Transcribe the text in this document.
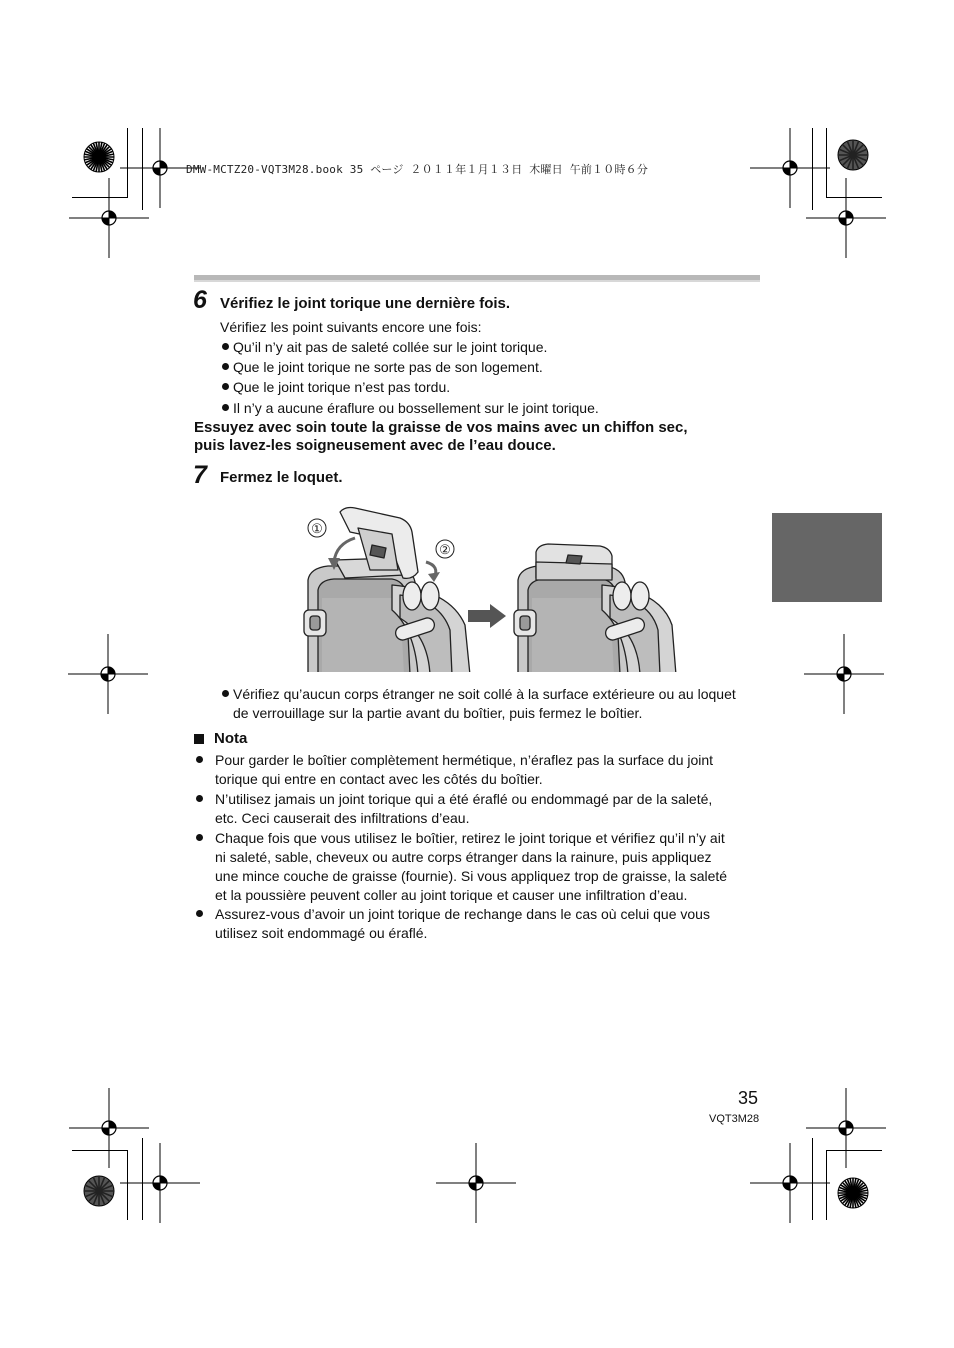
DMW-MCTZ20-VQT3M28.book 35 ページ ２０１１年１月１３日 木曜日 午前１０時６分
6 Vérifiez le joint torique une dernière fois.
Vérifiez les point suivants encore une fois:
Qu’il n’y ait pas de saleté collée sur le joint torique.
Que le joint torique ne sorte pas de son logement.
Que le joint torique n’est pas tordu.
Il n’y a aucune éraflure ou bossellement sur le joint torique.
Essuyez avec soin toute la graisse de vos mains avec un chiffon sec,
puis lavez-les soigneusement avec de l’eau douce.
7 Fermez le loquet.
①
②
Vérifiez qu’aucun corps étranger ne soit collé à la surface extérieure ou au loquet
de verrouillage sur la partie avant du boîtier, puis fermez le boîtier.
Nota
Pour garder le boîtier complètement hermétique, n’éraflez pas la surface du joint
torique qui entre en contact avec les côtés du boîtier.
N’utilisez jamais un joint torique qui a été éraflé ou endommagé par de la saleté,
etc. Ceci causerait des infiltrations d’eau.
Chaque fois que vous utilisez le boîtier, retirez le joint torique et vérifiez qu’il n’y ait
ni saleté, sable, cheveux ou autre corps étranger dans la rainure, puis appliquez
une mince couche de graisse (fournie). Si vous appliquez trop de graisse, la saleté
et la poussière peuvent coller au joint torique et causer une infiltration d’eau.
Assurez-vous d’avoir un joint torique de rechange dans le cas où celui que vous
utilisez soit endommagé ou éraflé.
35
VQT3M28
